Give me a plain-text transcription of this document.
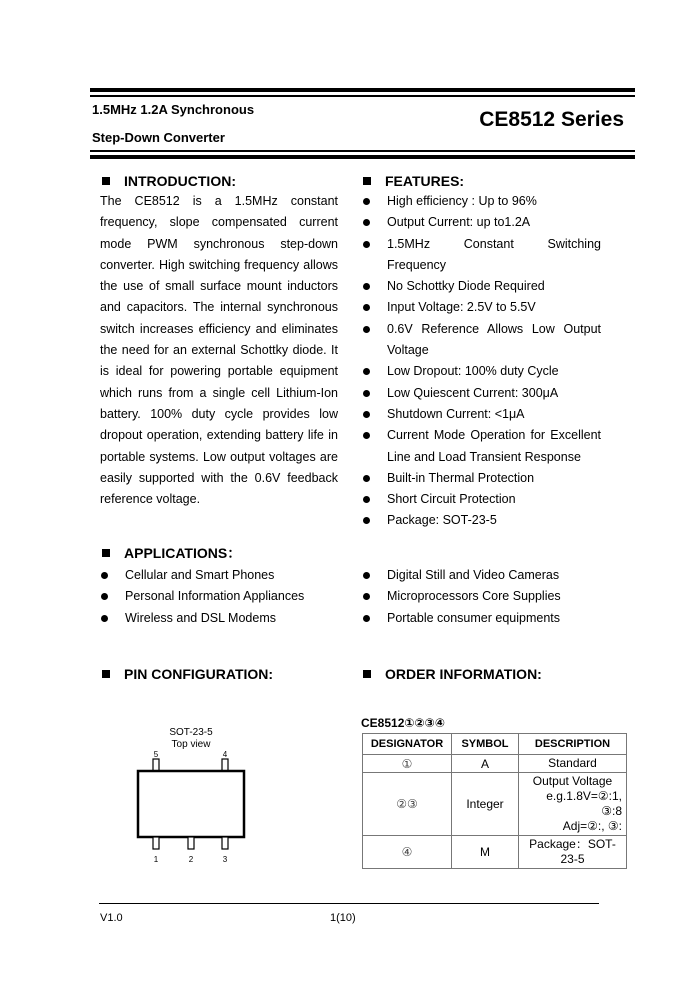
1.5MHz 1.2A Synchronous
Step-Down Converter
CE8512 Series
INTRODUCTION:
The CE8512 is a 1.5MHz constant
frequency, slope compensated current
mode PWM synchronous step-down
converter. High switching frequency allows
the use of small surface mount inductors
and capacitors. The internal synchronous
switch increases efficiency and eliminates
the need for an external Schottky diode. It
is ideal for powering portable equipment
which runs from a single cell Lithium-Ion
battery. 100% duty cycle provides low
dropout operation, extending battery life in
portable systems. Low output voltages are
easily supported with the 0.6V feedback
reference voltage.
FEATURES:
High efficiency : Up to 96%
Output Current: up to1.2A
1.5MHz Constant Switching Frequency
No Schottky Diode Required
Input Voltage: 2.5V to 5.5V
0.6V Reference Allows Low Output Voltage
Low Dropout: 100% duty Cycle
Low Quiescent Current: 300μA
Shutdown Current: <1μA
Current Mode Operation for Excellent Line and Load Transient Response
Built-in Thermal Protection
Short Circuit Protection
Package: SOT-23-5
APPLICATIONS：
Cellular and Smart Phones
Personal Information Appliances
Wireless and DSL Modems
Digital Still and Video Cameras
Microprocessors Core Supplies
Portable consumer equipments
PIN CONFIGURATION:
SOT-23-5
Top view
5	4
1	2	3
ORDER INFORMATION:
CE8512①②③④
DESIGNATOR	SYMBOL	DESCRIPTION
①	A	Standard

②③	Integer	Output Voltage
e.g.1.8V=②:1, ③:8
Adj=②:, ③:

④	M	Package：SOT-23-5
V1.0	1(10)
